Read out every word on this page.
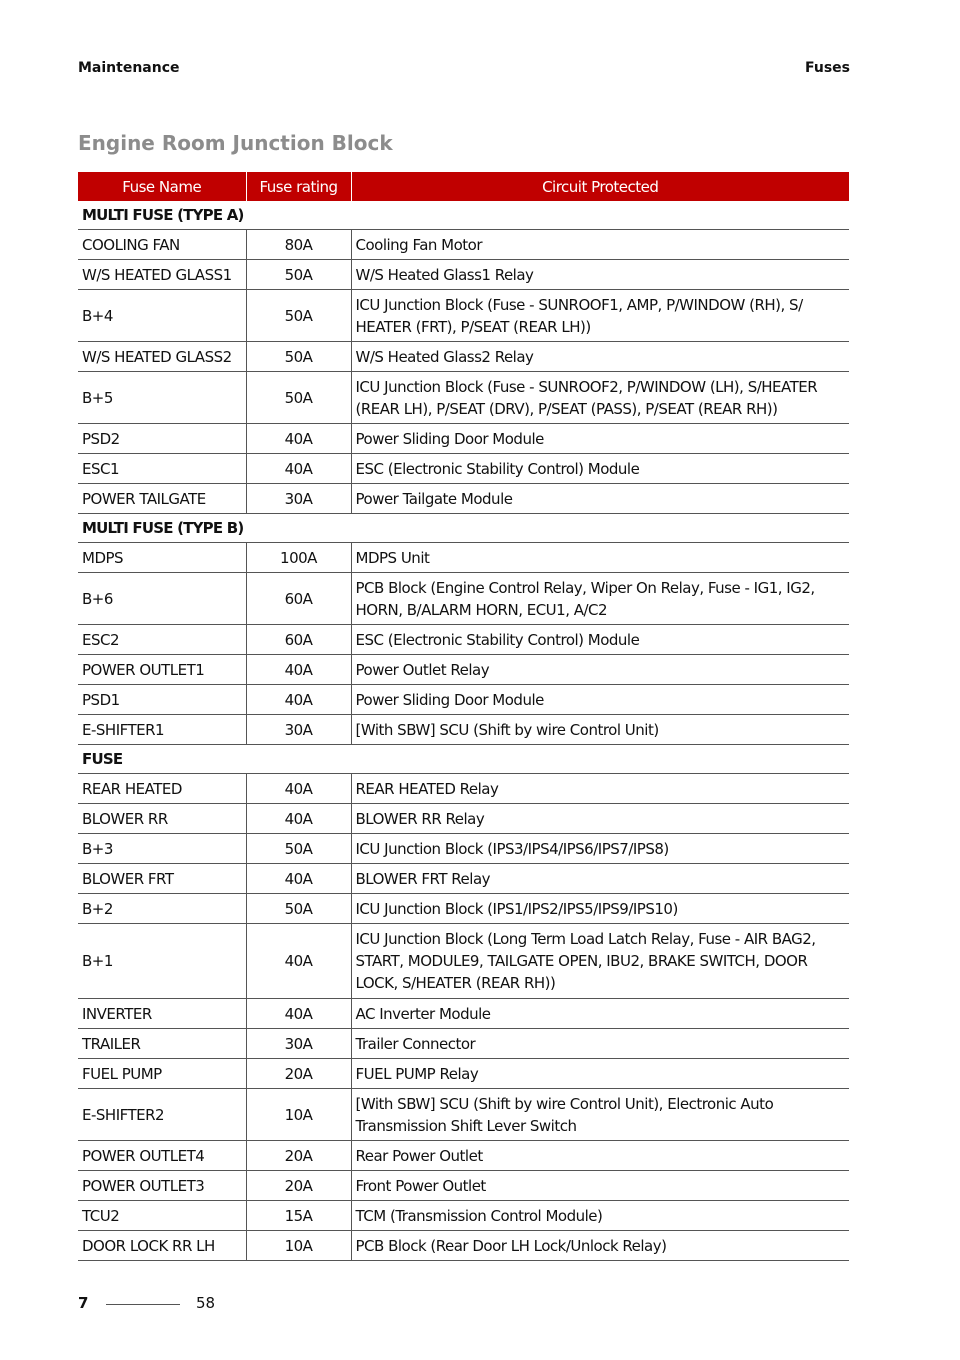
Maintenance	Fuses
Engine Room Junction Block
Fuse Name	Fuse rating	Circuit Protected
MULTI FUSE (TYPE A)		
COOLING FAN	80A	Cooling Fan Motor
W/S HEATED GLASS1	50A	W/S Heated Glass1 Relay
B+4	50A	ICU Junction Block (Fuse - SUNROOF1, AMP, P/WINDOW (RH), S/ HEATER (FRT), P/SEAT (REAR LH))
W/S HEATED GLASS2	50A	W/S Heated Glass2 Relay
B+5	50A	ICU Junction Block (Fuse - SUNROOF2, P/WINDOW (LH), S/HEATER (REAR LH), P/SEAT (DRV), P/SEAT (PASS), P/SEAT (REAR RH))
PSD2	40A	Power Sliding Door Module
ESC1	40A	ESC (Electronic Stability Control) Module
POWER TAILGATE	30A	Power Tailgate Module
MULTI FUSE (TYPE B)		
MDPS	100A	MDPS Unit
B+6	60A	PCB Block (Engine Control Relay, Wiper On Relay, Fuse - IG1, IG2, HORN, B/ALARM HORN, ECU1, A/C2
ESC2	60A	ESC (Electronic Stability Control) Module
POWER OUTLET1	40A	Power Outlet Relay
PSD1	40A	Power Sliding Door Module
E-SHIFTER1	30A	[With SBW] SCU (Shift by wire Control Unit)
FUSE		
REAR HEATED	40A	REAR HEATED Relay
BLOWER RR	40A	BLOWER RR Relay
B+3	50A	ICU Junction Block (IPS3/IPS4/IPS6/IPS7/IPS8)
BLOWER FRT	40A	BLOWER FRT Relay
B+2	50A	ICU Junction Block (IPS1/IPS2/IPS5/IPS9/IPS10)
B+1	40A	ICU Junction Block (Long Term Load Latch Relay, Fuse - AIR BAG2, START, MODULE9, TAILGATE OPEN, IBU2, BRAKE SWITCH, DOOR LOCK, S/HEATER (REAR RH))
INVERTER	40A	AC Inverter Module
TRAILER	30A	Trailer Connector
FUEL PUMP	20A	FUEL PUMP Relay
E-SHIFTER2	10A	[With SBW] SCU (Shift by wire Control Unit), Electronic Auto Transmission Shift Lever Switch
POWER OUTLET4	20A	Rear Power Outlet
POWER OUTLET3	20A	Front Power Outlet
TCU2	15A	TCM (Transmission Control Module)
DOOR LOCK RR LH	10A	PCB Block (Rear Door LH Lock/Unlock Relay)
7	58
